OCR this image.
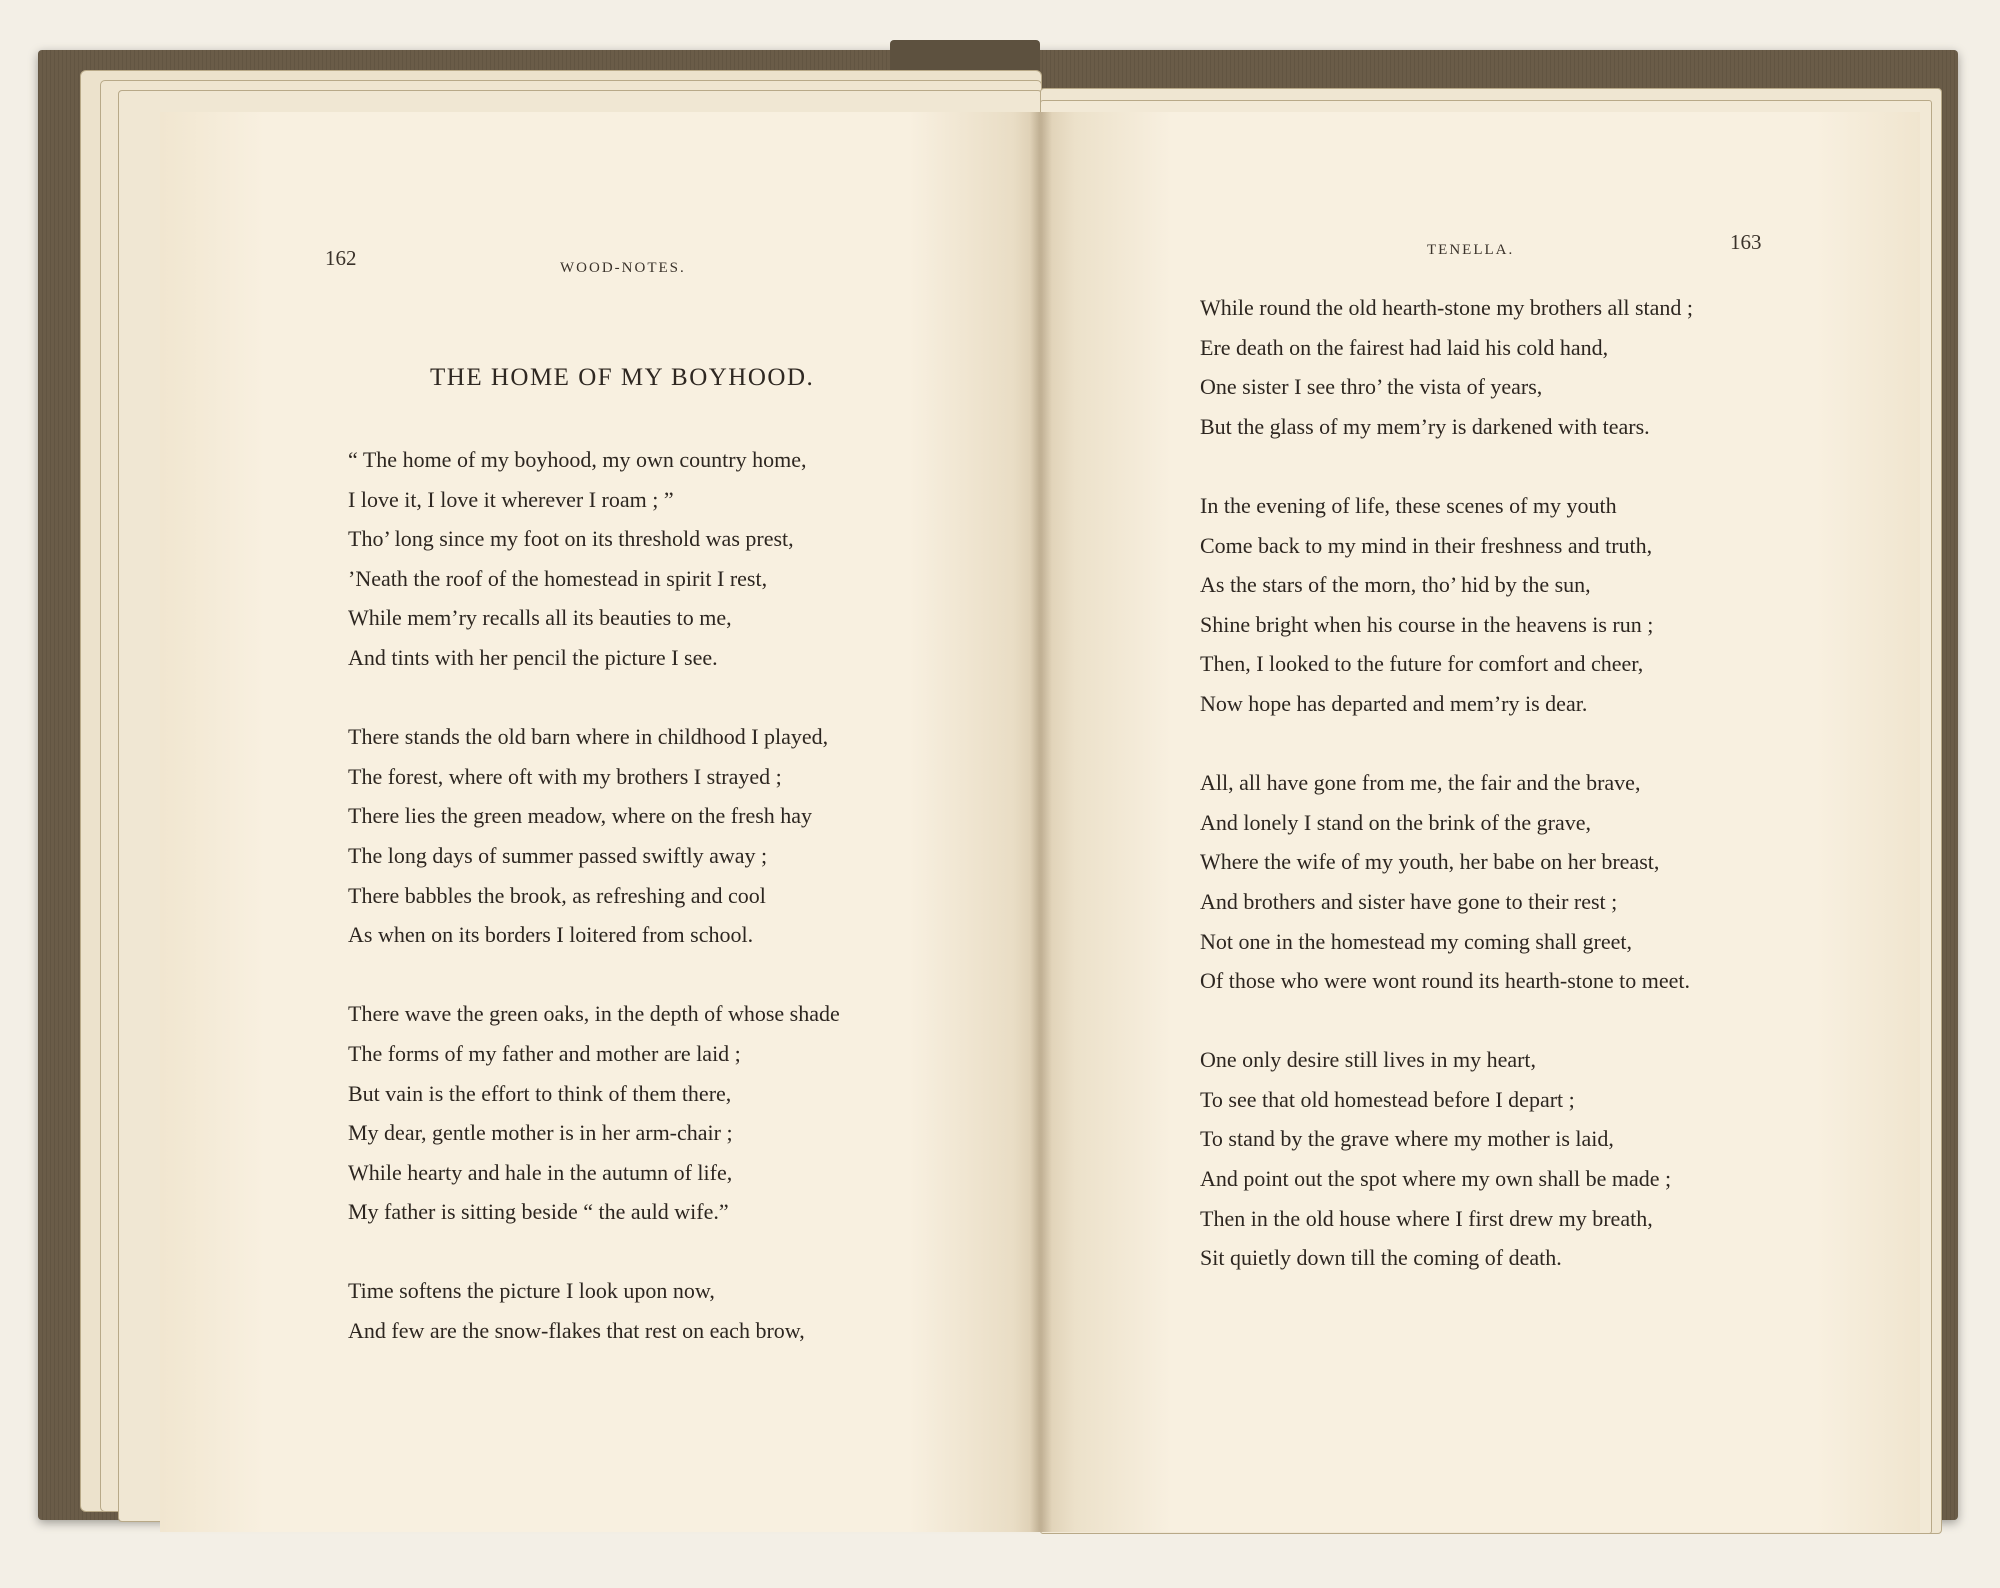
162	WOOD-NOTES.
THE HOME OF MY BOYHOOD.
“ The home of my boyhood, my own country home,
I love it, I love it wherever I roam ; ”
Tho’ long since my foot on its threshold was prest,
’Neath the roof of the homestead in spirit I rest,
While mem’ry recalls all its beauties to me,
And tints with her pencil the picture I see.
There stands the old barn where in childhood I played,
The forest, where oft with my brothers I strayed ;
There lies the green meadow, where on the fresh hay
The long days of summer passed swiftly away ;
There babbles the brook, as refreshing and cool
As when on its borders I loitered from school.
There wave the green oaks, in the depth of whose shade
The forms of my father and mother are laid ;
But vain is the effort to think of them there,
My dear, gentle mother is in her arm-chair ;
While hearty and hale in the autumn of life,
My father is sitting beside “ the auld wife.”
Time softens the picture I look upon now,
And few are the snow-flakes that rest on each brow,
TENELLA.	163
While round the old hearth-stone my brothers all stand ;
Ere death on the fairest had laid his cold hand,
One sister I see thro’ the vista of years,
But the glass of my mem’ry is darkened with tears.
In the evening of life, these scenes of my youth
Come back to my mind in their freshness and truth,
As the stars of the morn, tho’ hid by the sun,
Shine bright when his course in the heavens is run ;
Then, I looked to the future for comfort and cheer,
Now hope has departed and mem’ry is dear.
All, all have gone from me, the fair and the brave,
And lonely I stand on the brink of the grave,
Where the wife of my youth, her babe on her breast,
And brothers and sister have gone to their rest ;
Not one in the homestead my coming shall greet,
Of those who were wont round its hearth-stone to meet.
One only desire still lives in my heart,
To see that old homestead before I depart ;
To stand by the grave where my mother is laid,
And point out the spot where my own shall be made ;
Then in the old house where I first drew my breath,
Sit quietly down till the coming of death.
